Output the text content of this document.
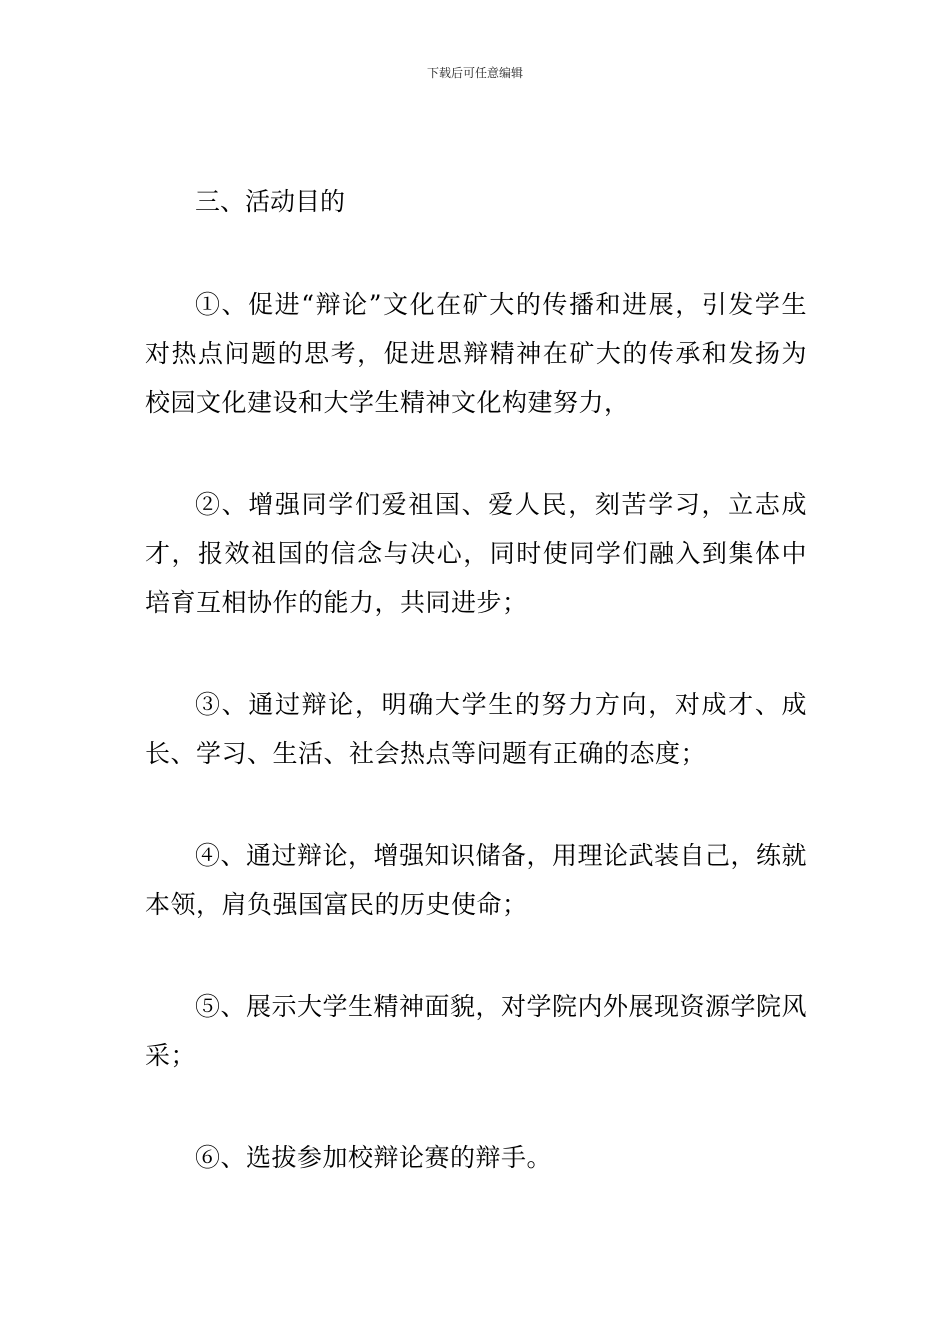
下载后可任意编辑

三、活动目的

①、促进“辩论”文化在矿大的传播和进展，引发学生对热点问题的思考，促进思辩精神在矿大的传承和发扬为校园文化建设和大学生精神文化构建努力，

②、增强同学们爱祖国、爱人民，刻苦学习，立志成才，报效祖国的信念与决心，同时使同学们融入到集体中培育互相协作的能力，共同进步；

③、通过辩论，明确大学生的努力方向，对成才、成长、学习、生活、社会热点等问题有正确的态度；

④、通过辩论，增强知识储备，用理论武装自己，练就本领，肩负强国富民的历史使命；

⑤、展示大学生精神面貌，对学院内外展现资源学院风采；

⑥、选拔参加校辩论赛的辩手。
